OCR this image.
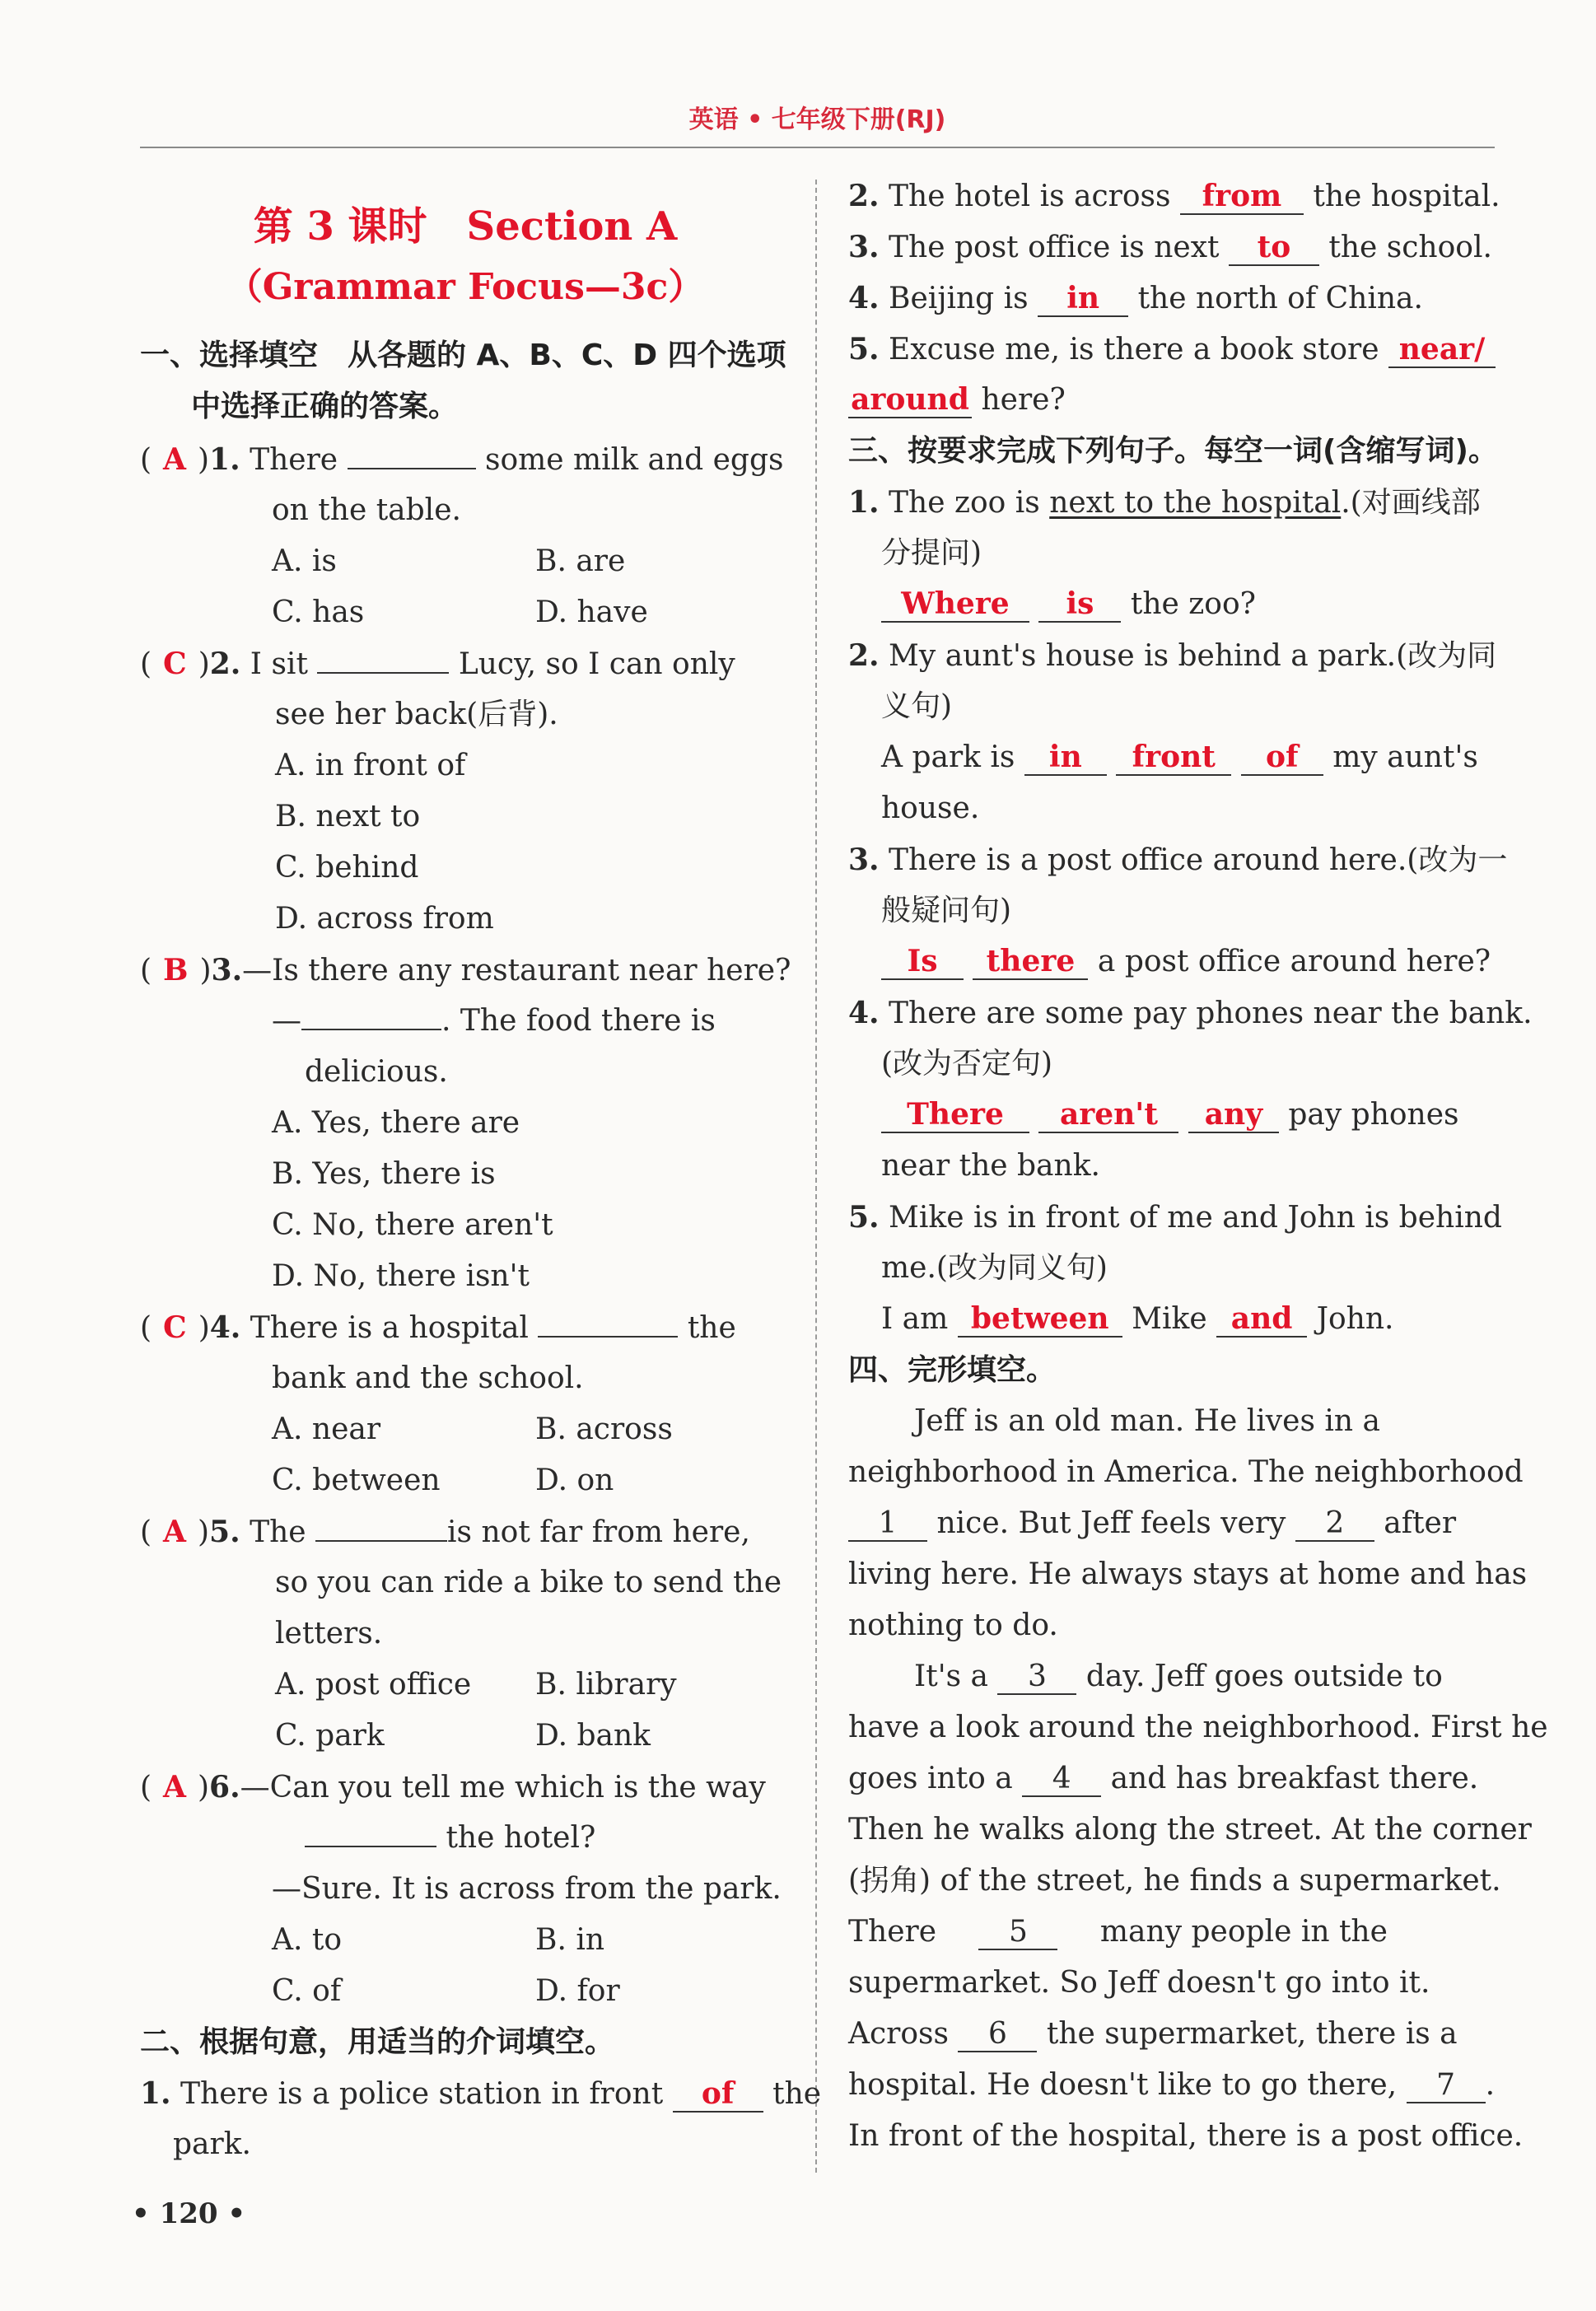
英语 • 七年级下册(RJ)
第 3 课时　Section A
（Grammar Focus—3c）
一、选择填空　从各题的 A、B、C、D 四个选项
中选择正确的答案。
( A )1. There	some milk and eggs
on the table.
A. is	B. are
C. has	D. have
( C )2. I sit	Lucy, so I can only
see her back(后背).
A. in front of
B. next to
C. behind
D. across from
( B )3.—Is there any restaurant near here?
—	. The food there is
delicious.
A. Yes, there are
B. Yes, there is
C. No, there aren't
D. No, there isn't
( C )4. There is a hospital	the
bank and the school.
A. near	B. across
C. between	D. on
( A )5. The	is not far from here,
so you can ride a bike to send the
letters.
A. post office B. library
C. park	D. bank
( A )6.—Can you tell me which is the way
the hotel?
—Sure. It is across from the park.
A. to	B. in
C. of	D. for
二、根据句意，用适当的介词填空。
1. There is a police station in front of the
park.
• 120 •
2. The hotel is across from the hospital.
3. The post office is next to the school.
4. Beijing is in the north of China.
5. Excuse me, is there a book store near/
around here?
三、按要求完成下列句子。每空一词(含缩写词)。
1. The zoo is next to the hospital.(对画线部
分提问)
Where is the zoo?
2. My aunt's house is behind a park.(改为同
义句)
A park is in front of my aunt's
house.
3. There is a post office around here.(改为一
般疑问句)
Is there a post office around here?
4. There are some pay phones near the bank.
(改为否定句)
There aren't any pay phones
near the bank.
5. Mike is in front of me and John is behind
me.(改为同义句)
I am between Mike and John.
四、完形填空。
Jeff is an old man. He lives in a
neighborhood in America. The neighborhood
1 nice. But Jeff feels very 2 after
living here. He always stays at home and has
nothing to do.
It's a 3 day. Jeff goes outside to
have a look around the neighborhood. First he
goes into a 4 and has breakfast there.
Then he walks along the street. At the corner
(拐角) of the street, he finds a supermarket.
There 5 many people in the
supermarket. So Jeff doesn't go into it.
Across 6 the supermarket, there is a
hospital. He doesn't like to go there, 7 .
In front of the hospital, there is a post office.
